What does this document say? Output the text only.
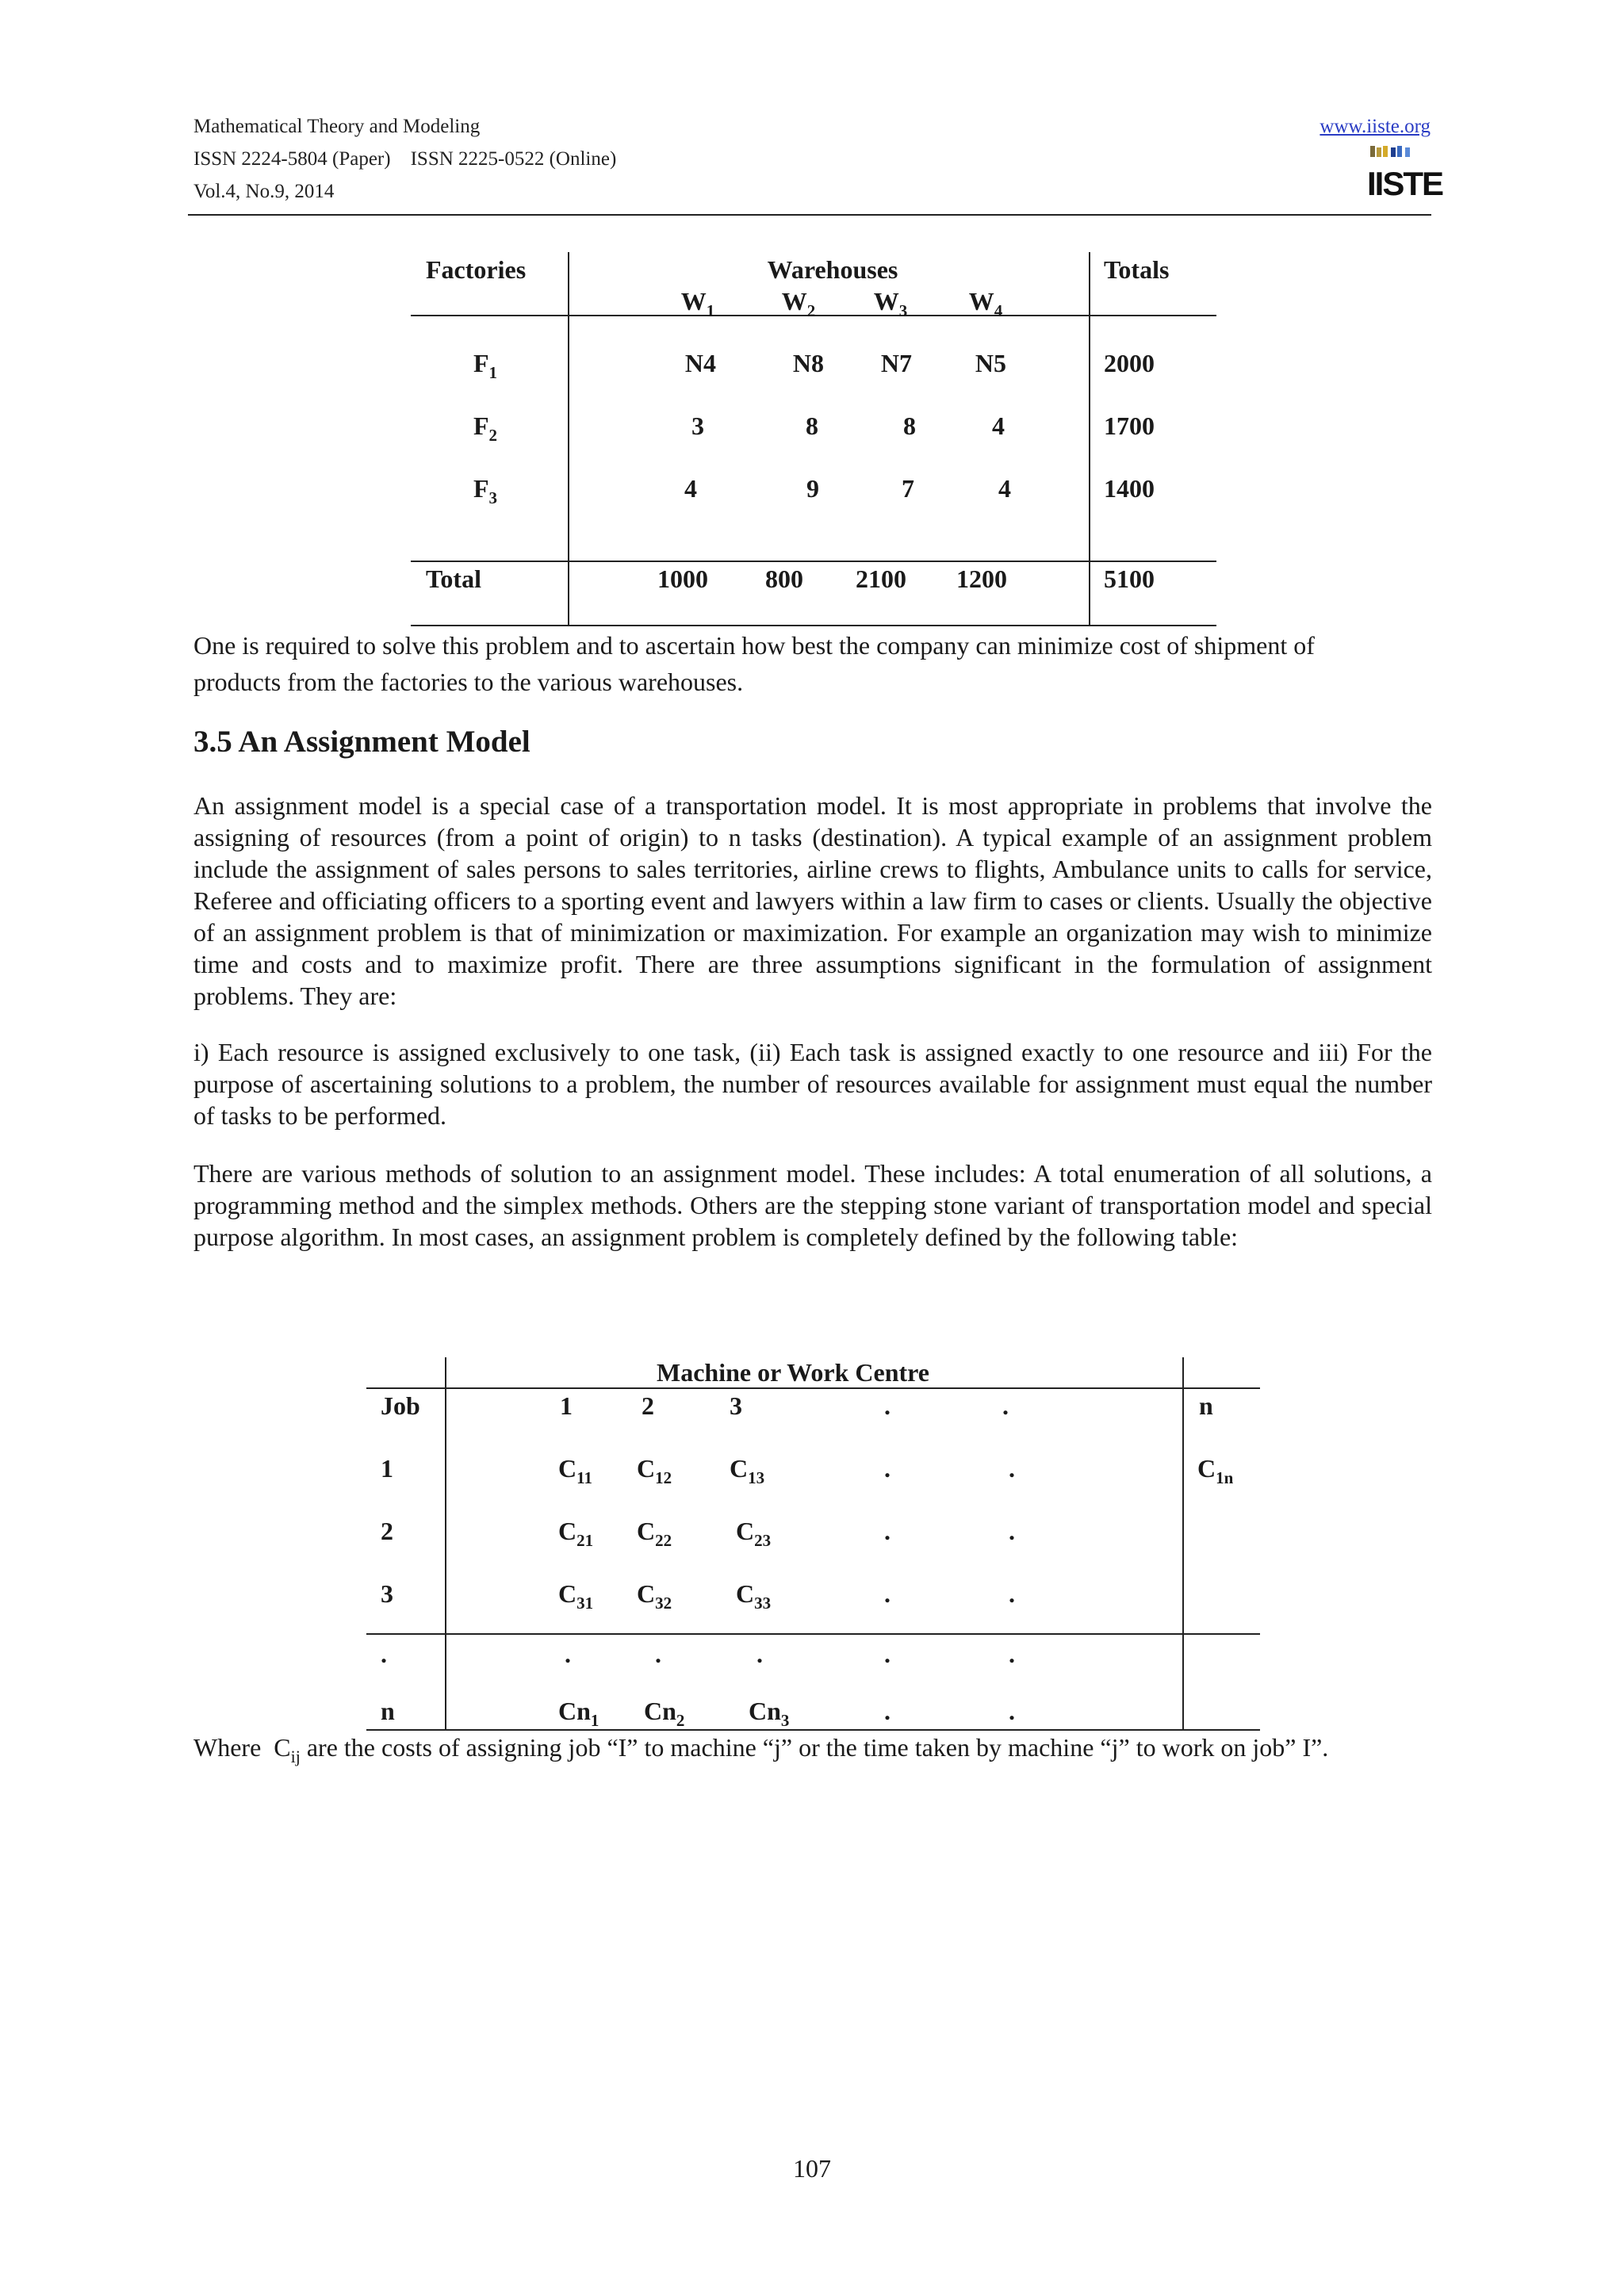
Mathematical Theory and Modeling
ISSN 2224-5804 (Paper)    ISSN 2225-0522 (Online)
Vol.4, No.9, 2014
www.iiste.org
IISTE
Factories	Warehouses	Totals
$W_1$	$W_2$	$W_3$	$W_4$
$F_1$	N4	N8	N7	N5	2000
$F_2$	3	8	8	4	1700
$F_3$	4	9	7	4	1400
Total	1000	800	2100	1200	5100
One is required to solve this problem and to ascertain how best the company can minimize cost of shipment of
products from the factories to the various warehouses.
3.5 An Assignment Model
An assignment model is a special case of a transportation model. It is most appropriate in problems that involve the assigning of resources (from a point of origin) to n tasks (destination). A typical example of an assignment problem include the assignment of sales persons to sales territories, airline crews to flights, Ambulance units to calls for service, Referee and officiating officers to a sporting event and lawyers within a law firm to cases or clients. Usually the objective of an assignment problem is that of minimization or maximization. For example an organization may wish to minimize time and costs and to maximize profit. There are three assumptions significant in the formulation of assignment problems. They are:
i) Each resource is assigned exclusively to one task, (ii) Each task is assigned exactly to one resource and iii) For the purpose of ascertaining solutions to a problem, the number of resources available for assignment must equal the number of tasks to be performed.
There are various methods of solution to an assignment model. These includes: A total enumeration of all solutions, a programming method and the simplex methods. Others are the stepping stone variant of transportation model and special purpose algorithm. In most cases, an assignment problem is completely defined by the following table:
Machine or Work Centre
Job	1	2	3	.	.	n
1	$C_{11}$ $C_{12}$ $C_{13}$	.	.	$C_{1n}$
2	$C_{21}$ $C_{22}$	$C_{23}$	.	.
3	$C_{31}$ $C_{32}$	$C_{33}$	.	.
.	.	.	.	.	.
n	$Cn_1$ $Cn_2$	$Cn_3$	.	.
Where  $C_{ij}$ are the costs of assigning job “I” to machine “j” or the time taken by machine “j” to work on job” I”.
107
